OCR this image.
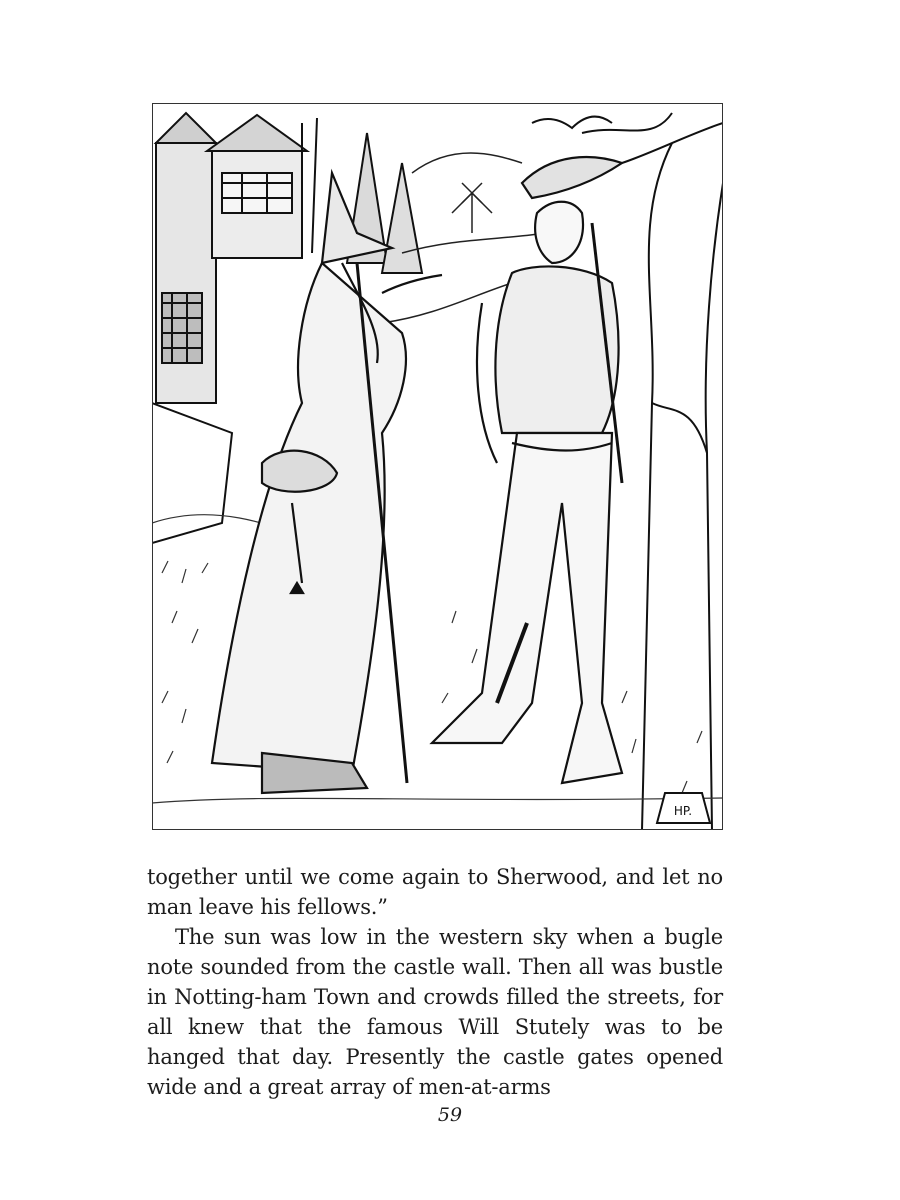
HP.

together until we come again to Sherwood, and let no man leave his fellows.”

The sun was low in the western sky when a bugle note sounded from the castle wall. Then all was bustle in Notting-ham Town and crowds filled the streets, for all knew that the famous Will Stutely was to be hanged that day. Presently the castle gates opened wide and a great array of men-at-arms

59
